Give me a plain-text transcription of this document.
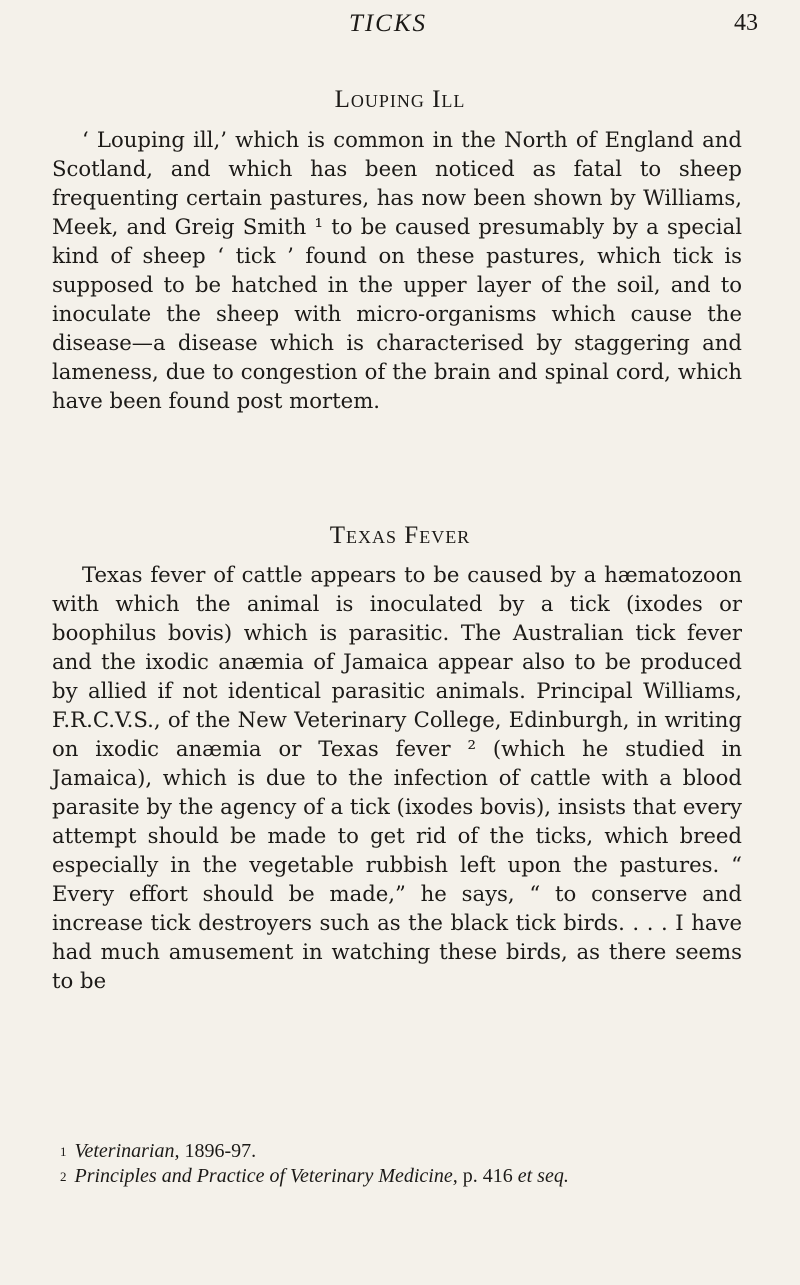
TICKS	43
Louping Ill

‘ Louping ill,’ which is common in the North of England and Scotland, and which has been noticed as fatal to sheep frequenting certain pastures, has now been shown by Williams, Meek, and Greig Smith ¹ to be caused presumably by a special kind of sheep ‘ tick ’ found on these pastures, which tick is supposed to be hatched in the upper layer of the soil, and to inoculate the sheep with micro-organisms which cause the disease—a disease which is characterised by staggering and lameness, due to congestion of the brain and spinal cord, which have been found post mortem.

Texas Fever

Texas fever of cattle appears to be caused by a hæmatozoon with which the animal is inoculated by a tick (ixodes or boophilus bovis) which is parasitic. The Australian tick fever and the ixodic anæmia of Jamaica appear also to be produced by allied if not identical parasitic animals. Principal Williams, F.R.C.V.S., of the New Veterinary College, Edinburgh, in writing on ixodic anæmia or Texas fever ² (which he studied in Jamaica), which is due to the infection of cattle with a blood parasite by the agency of a tick (ixodes bovis), insists that every attempt should be made to get rid of the ticks, which breed especially in the vegetable rubbish left upon the pastures. “ Every effort should be made,” he says, “ to conserve and increase tick destroyers such as the black tick birds. . . . I have had much amusement in watching these birds, as there seems to be

$^1$ Veterinarian, 1896-97.
$^2$ Principles and Practice of Veterinary Medicine, p. 416 et seq.
